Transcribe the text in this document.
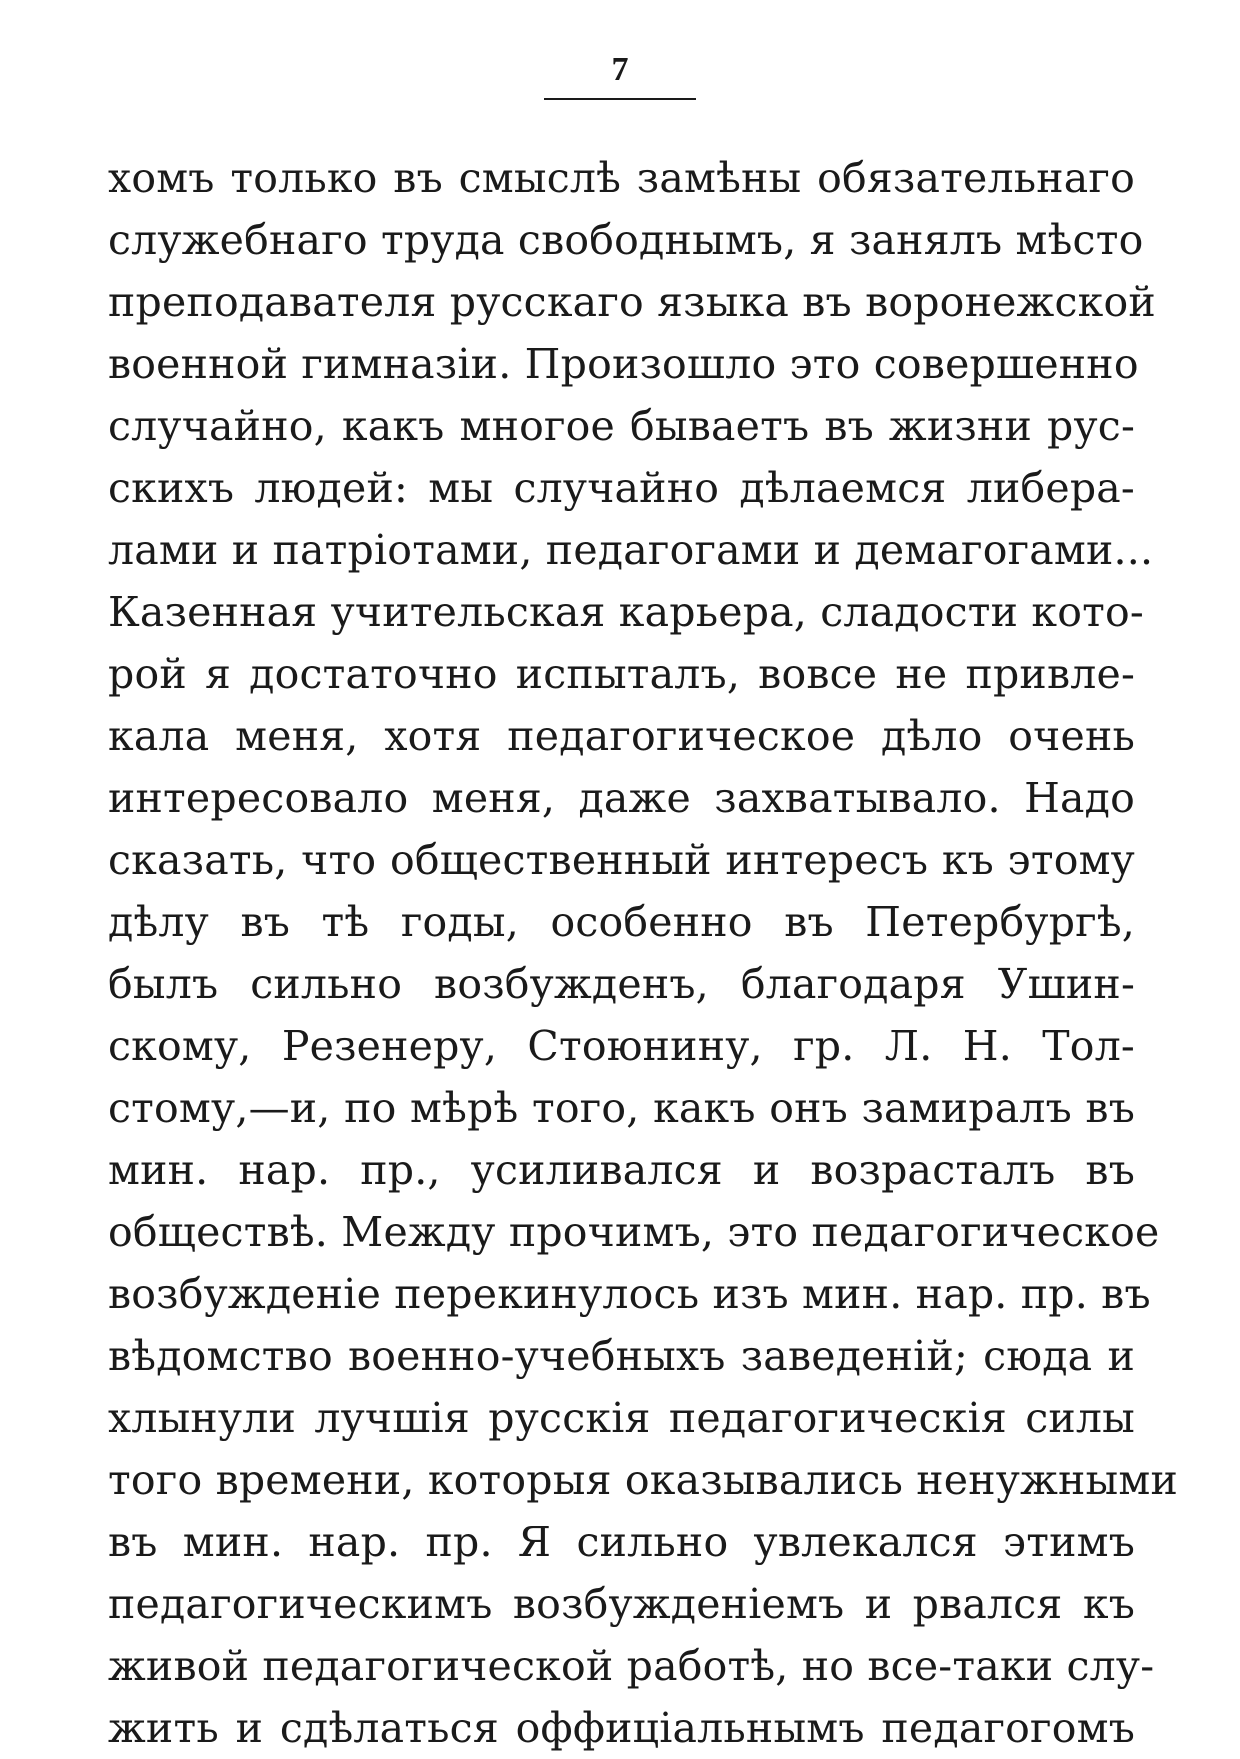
7
хомъ только въ смыслѣ замѣны обязательнаго
служебнаго труда свободнымъ, я занялъ мѣсто
преподавателя русскаго языка въ воронежской
военной гимназіи. Произошло это совершенно
случайно, какъ многое бываетъ въ жизни рус-
скихъ людей: мы случайно дѣлаемся либера-
лами и патріотами, педагогами и демагогами...
Казенная учительская карьера, сладости кото-
рой я достаточно испыталъ, вовсе не привле-
кала меня, хотя педагогическое дѣло очень
интересовало меня, даже захватывало. Надо
сказать, что общественный интересъ къ этому
дѣлу въ тѣ годы, особенно въ Петербургѣ,
былъ сильно возбужденъ, благодаря Ушин-
скому, Резенеру, Стоюнину, гр. Л. Н. Тол-
стому,—и, по мѣрѣ того, какъ онъ замиралъ въ
мин. нар. пр., усиливался и возрасталъ въ
обществѣ. Между прочимъ, это педагогическое
возбужденіе перекинулось изъ мин. нар. пр. въ
вѣдомство военно-учебныхъ заведеній; сюда и
хлынули лучшія русскія педагогическія силы
того времени, которыя оказывались ненужными
въ мин. нар. пр. Я сильно увлекался этимъ
педагогическимъ возбужденіемъ и рвался къ
живой педагогической работѣ, но все-таки слу-
жить и сдѣлаться оффиціальнымъ педагогомъ
